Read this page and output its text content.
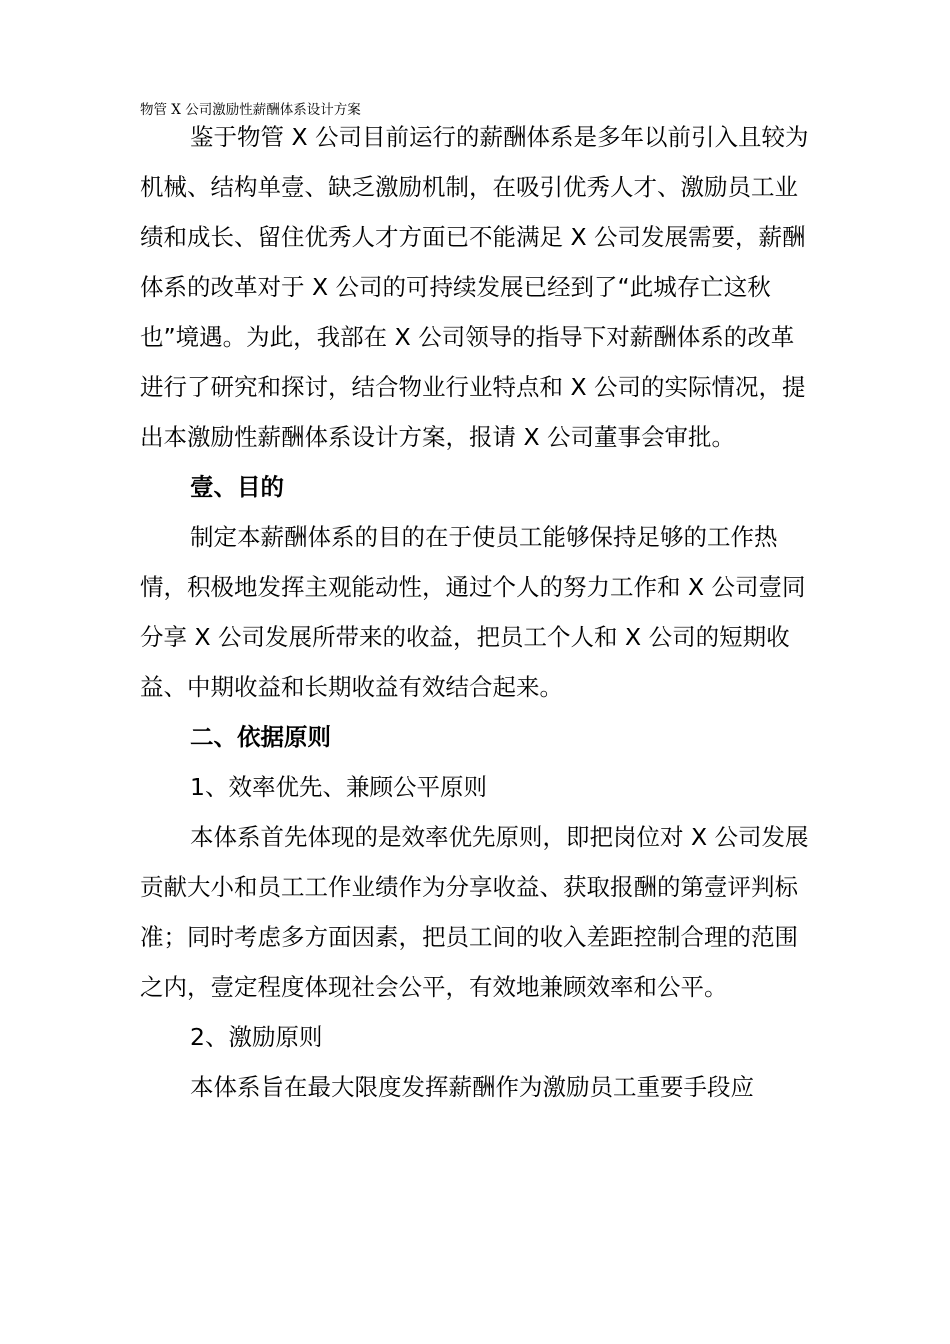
物管 X 公司激励性薪酬体系设计方案

鉴于物管 X 公司目前运行的薪酬体系是多年以前引入且较为机械、结构单壹、缺乏激励机制，在吸引优秀人才、激励员工业绩和成长、留住优秀人才方面已不能满足 X 公司发展需要，薪酬体系的改革对于 X 公司的可持续发展已经到了“此城存亡这秋也”境遇。为此，我部在 X 公司领导的指导下对薪酬体系的改革进行了研究和探讨，结合物业行业特点和 X 公司的实际情况，提出本激励性薪酬体系设计方案，报请 X 公司董事会审批。

壹、目的

制定本薪酬体系的目的在于使员工能够保持足够的工作热情，积极地发挥主观能动性，通过个人的努力工作和 X 公司壹同分享 X 公司发展所带来的收益，把员工个人和 X 公司的短期收益、中期收益和长期收益有效结合起来。

二、依据原则

1、效率优先、兼顾公平原则

本体系首先体现的是效率优先原则，即把岗位对 X 公司发展贡献大小和员工工作业绩作为分享收益、获取报酬的第壹评判标准；同时考虑多方面因素，把员工间的收入差距控制合理的范围之内，壹定程度体现社会公平，有效地兼顾效率和公平。

2、激励原则

本体系旨在最大限度发挥薪酬作为激励员工重要手段应
